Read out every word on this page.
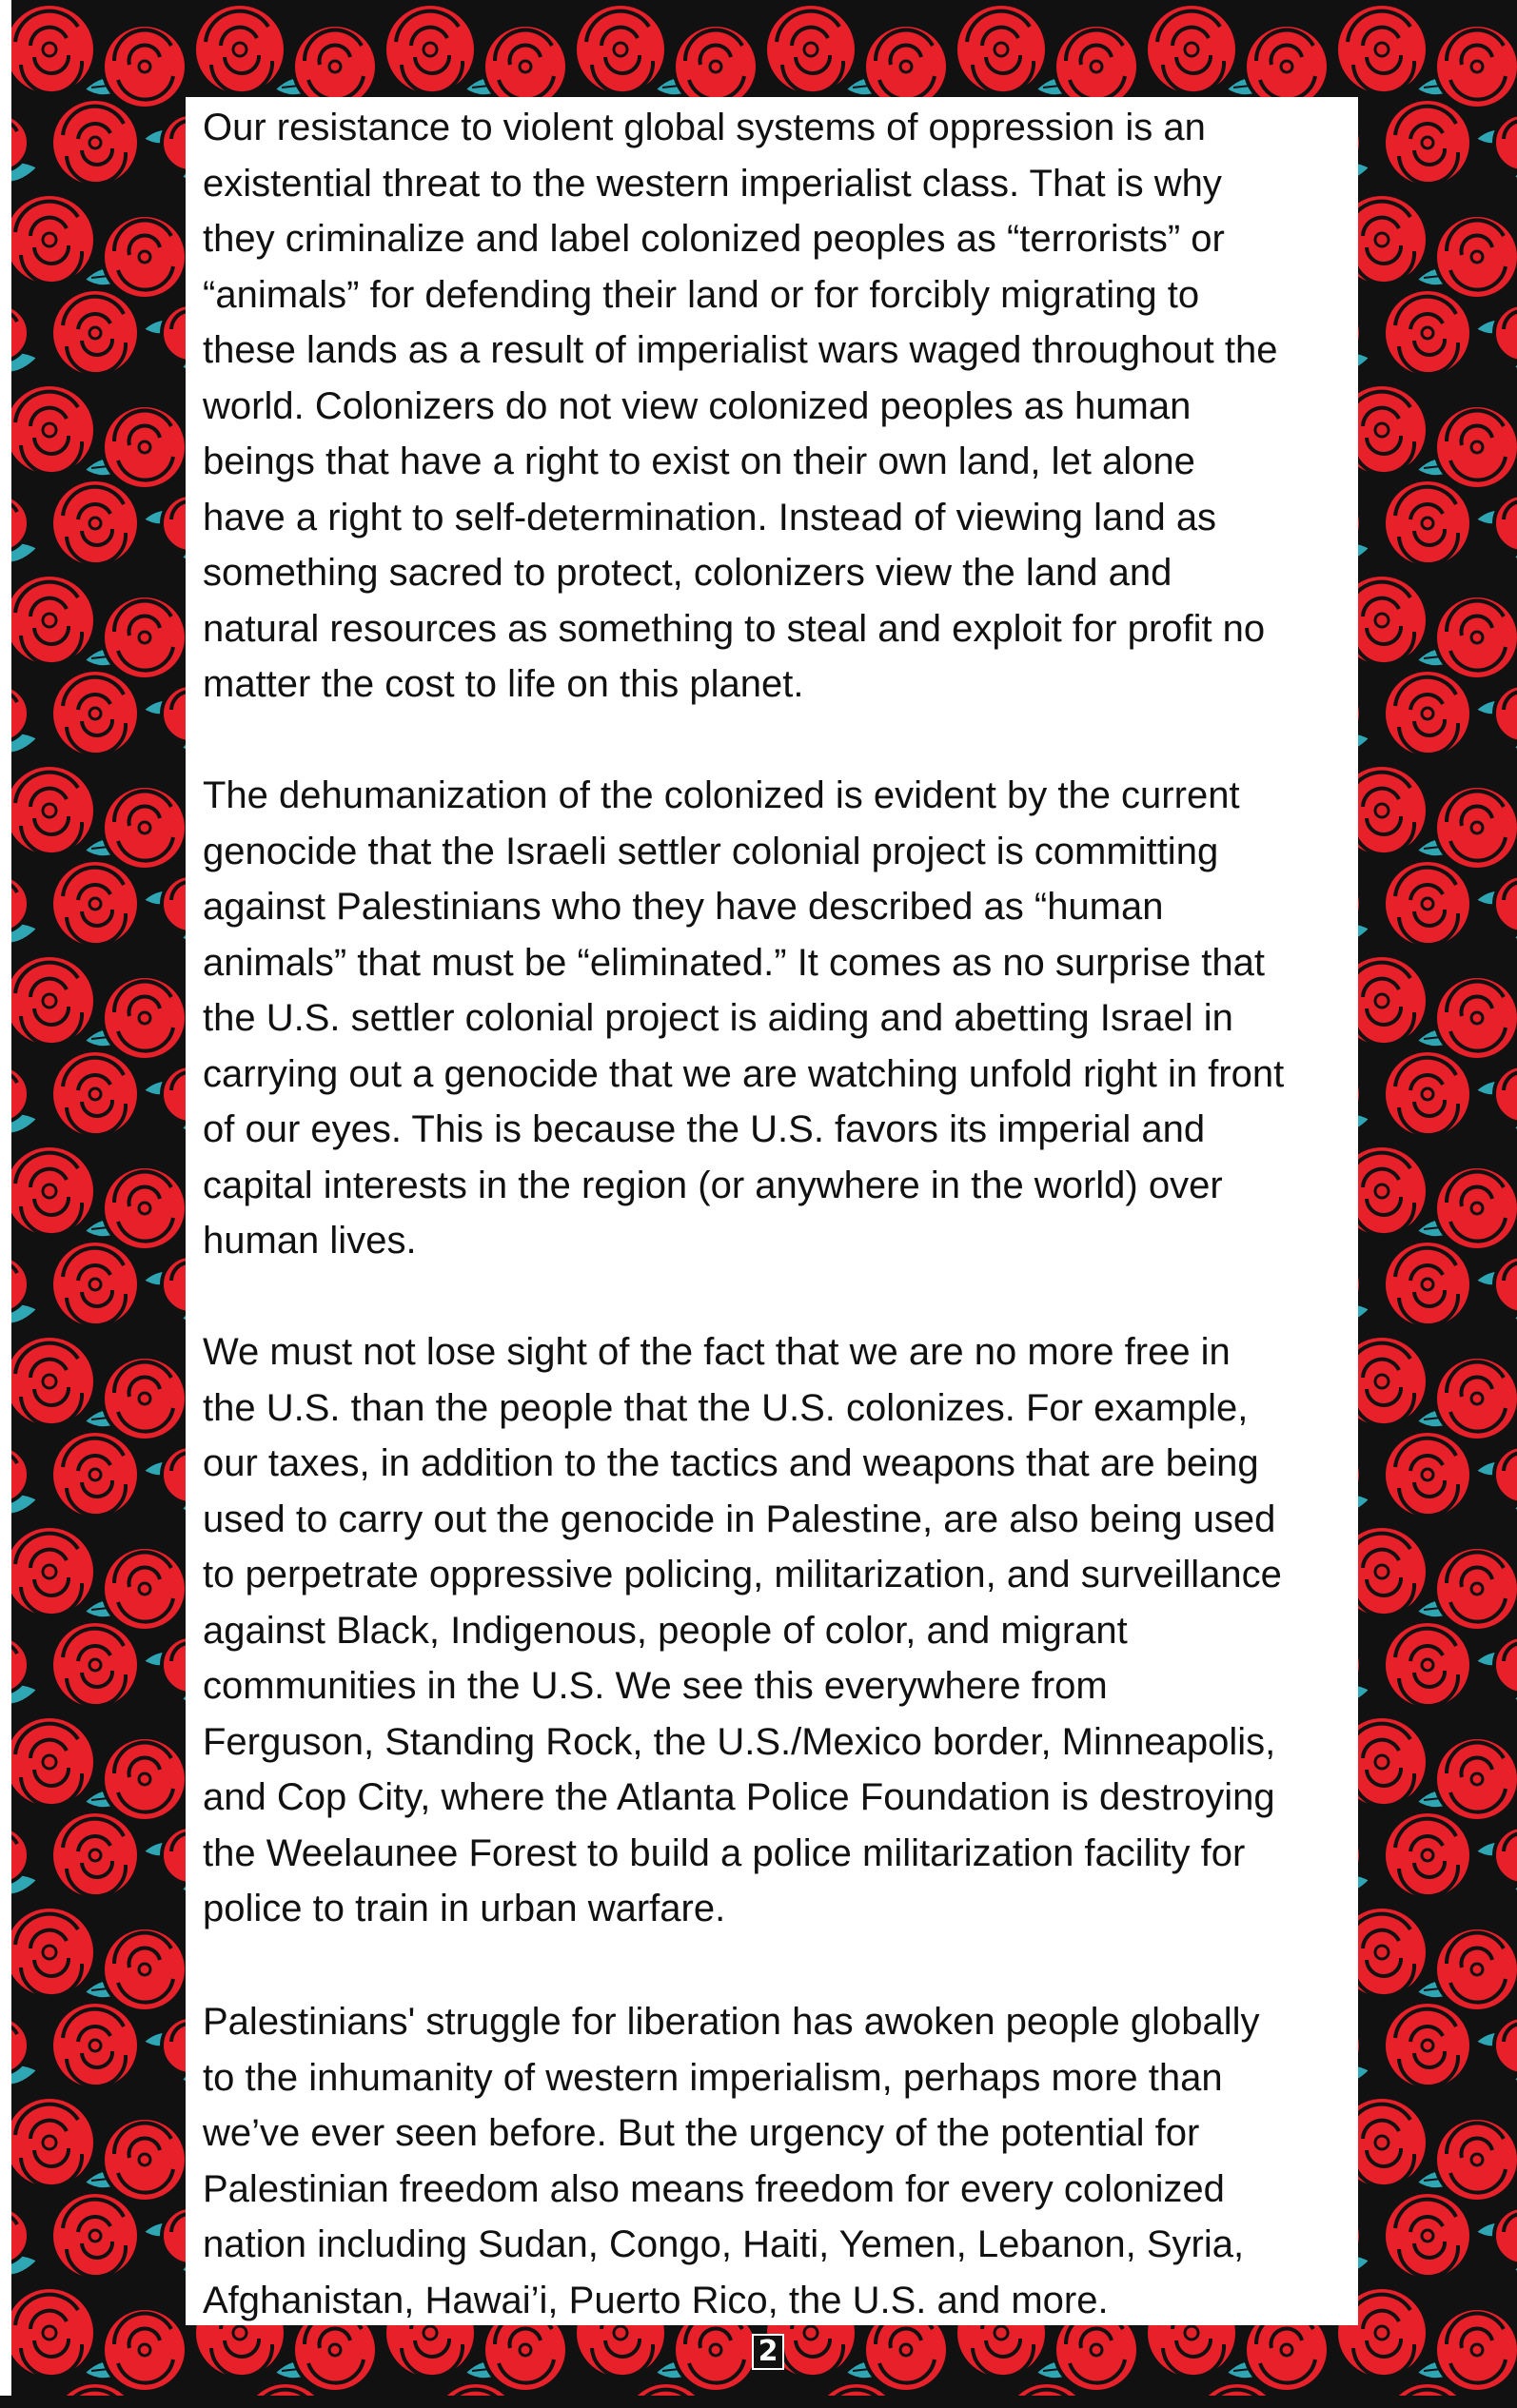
Our resistance to violent global systems of oppression is an
existential threat to the western imperialist class. That is why
they criminalize and label colonized peoples as “terrorists” or
“animals” for defending their land or for forcibly migrating to
these lands as a result of imperialist wars waged throughout the
world. Colonizers do not view colonized peoples as human
beings that have a right to exist on their own land, let alone
have a right to self-determination. Instead of viewing land as
something sacred to protect, colonizers view the land and
natural resources as something to steal and exploit for profit no
matter the cost to life on this planet.

The dehumanization of the colonized is evident by the current
genocide that the Israeli settler colonial project is committing
against Palestinians who they have described as “human
animals” that must be “eliminated.” It comes as no surprise that
the U.S. settler colonial project is aiding and abetting Israel in
carrying out a genocide that we are watching unfold right in front
of our eyes. This is because the U.S. favors its imperial and
capital interests in the region (or anywhere in the world) over
human lives.

We must not lose sight of the fact that we are no more free in
the U.S. than the people that the U.S. colonizes. For example,
our taxes, in addition to the tactics and weapons that are being
used to carry out the genocide in Palestine, are also being used
to perpetrate oppressive policing, militarization, and surveillance
against Black, Indigenous, people of color, and migrant
communities in the U.S. We see this everywhere from
Ferguson, Standing Rock, the U.S./Mexico border, Minneapolis,
and Cop City, where the Atlanta Police Foundation is destroying
the Weelaunee Forest to build a police militarization facility for
police to train in urban warfare.

Palestinians' struggle for liberation has awoken people globally
to the inhumanity of western imperialism, perhaps more than
we’ve ever seen before. But the urgency of the potential for
Palestinian freedom also means freedom for every colonized
nation including Sudan, Congo, Haiti, Yemen, Lebanon, Syria,
Afghanistan, Hawai’i, Puerto Rico, the U.S. and more.

2
